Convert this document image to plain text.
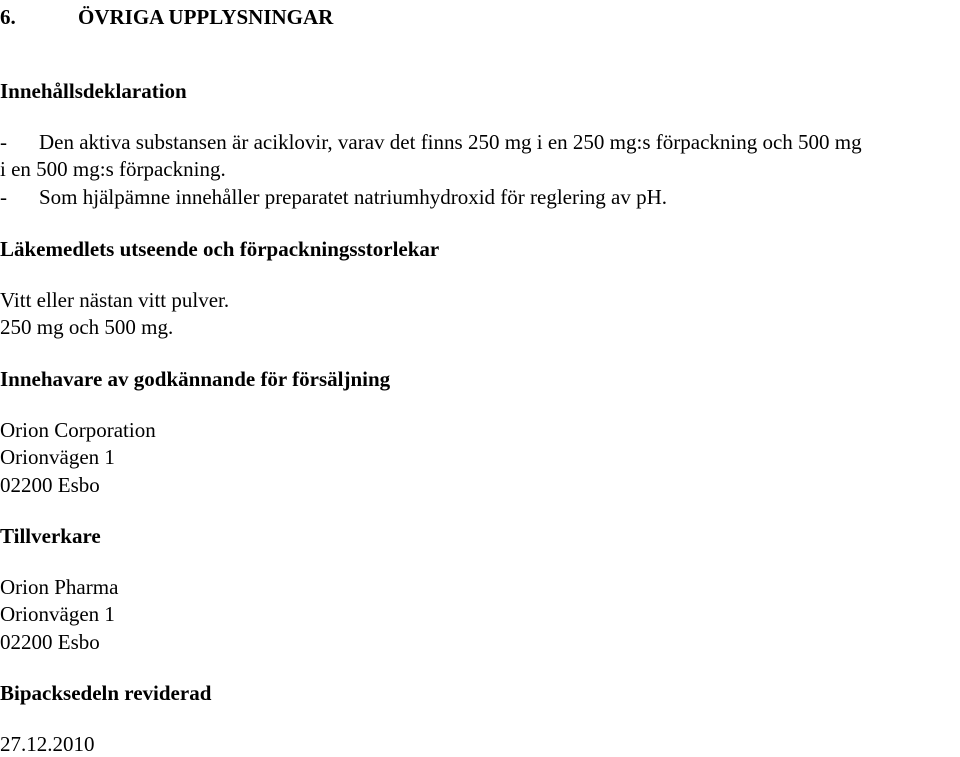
6.	ÖVRIGA UPPLYSNINGAR
Innehållsdeklaration
- Den aktiva substansen är aciklovir, varav det finns 250 mg i en 250 mg:s förpackning och 500 mg
i en 500 mg:s förpackning.
- Som hjälpämne innehåller preparatet natriumhydroxid för reglering av pH.
Läkemedlets utseende och förpackningsstorlekar
Vitt eller nästan vitt pulver.
250 mg och 500 mg.
Innehavare av godkännande för försäljning
Orion Corporation
Orionvägen 1
02200 Esbo
Tillverkare
Orion Pharma
Orionvägen 1
02200 Esbo
Bipacksedeln reviderad
27.12.2010
